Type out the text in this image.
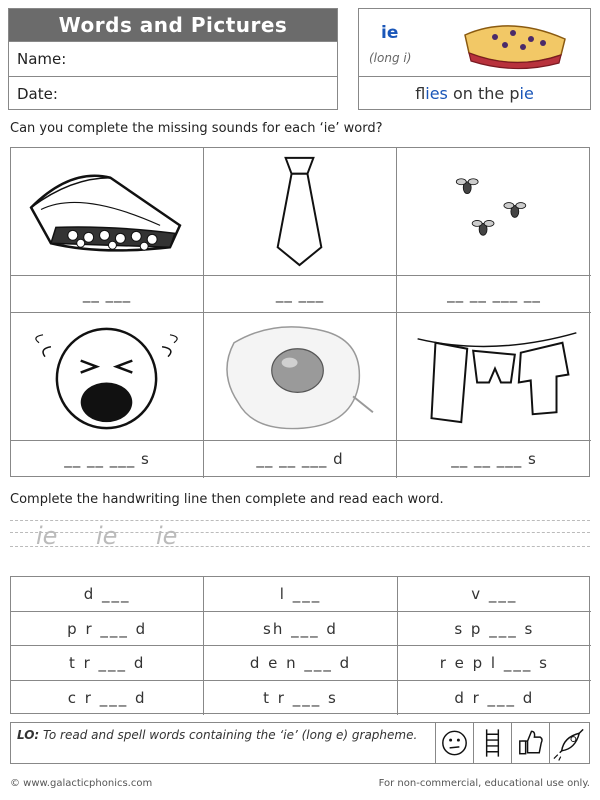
Words and Pictures
Name:
Date:
ie
(long i)
flies on the pie
Can you complete the missing sounds for each ‘ie’ word?
__ ___	__ ___	__ __ ___ __
__ __ ___ s	__ __ ___ d	__ __ ___ s
Complete the handwriting line then complete and read each word.
ie ie ie
d ___	l ___	v ___
p r ___ d	sh ___ d	s p ___ s
t r ___ d	d e n ___ d	r e p l ___ s
c r ___ d	t r ___ s	d r ___ d
LO: To read and spell words containing the ‘ie’ (long e) grapheme.
© www.galacticphonics.com	For non-commercial, educational use only.
